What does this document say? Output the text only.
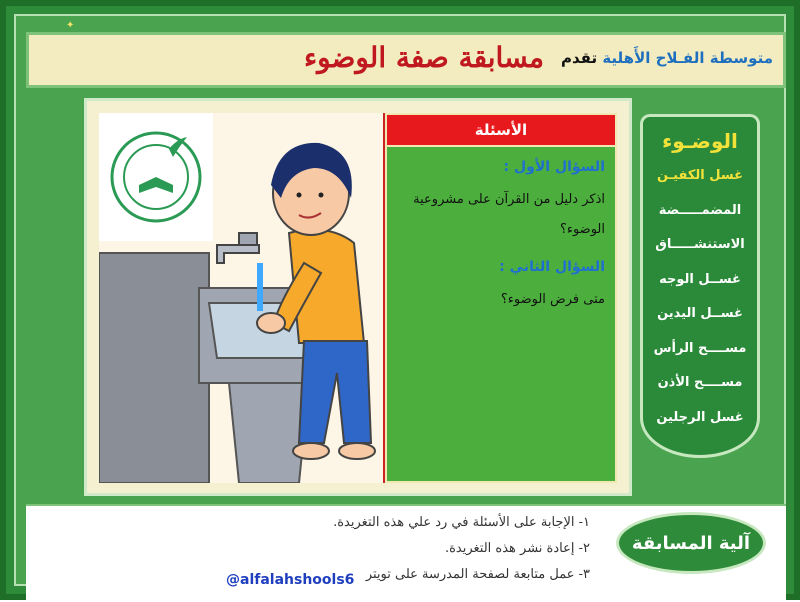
✦
مسابقة صفة الوضوء	متوسطة الفـلاح الأَهلية تقدم
الأسئلة
السؤال الأول :
اذكر دليل من القرآن على مشروعية الوضوء؟
السؤال الثاني :
متى فرض الوضوء؟
الوضـوء
غسل الكفيـن
المضمـــــضة
الاستنشـــــاق
غســل الوجه
غســل اليدين
مســــح الرأس
مســــح الأذن
غسل الرجلين
١- الإجابة على الأسئلة في رد علي هذه التغريدة.
٢- إعادة نشر هذه التغريدة.
٣- عمل متابعة لصفحة المدرسة على تويتر
@alfalahshools6
آلية المسابقة
